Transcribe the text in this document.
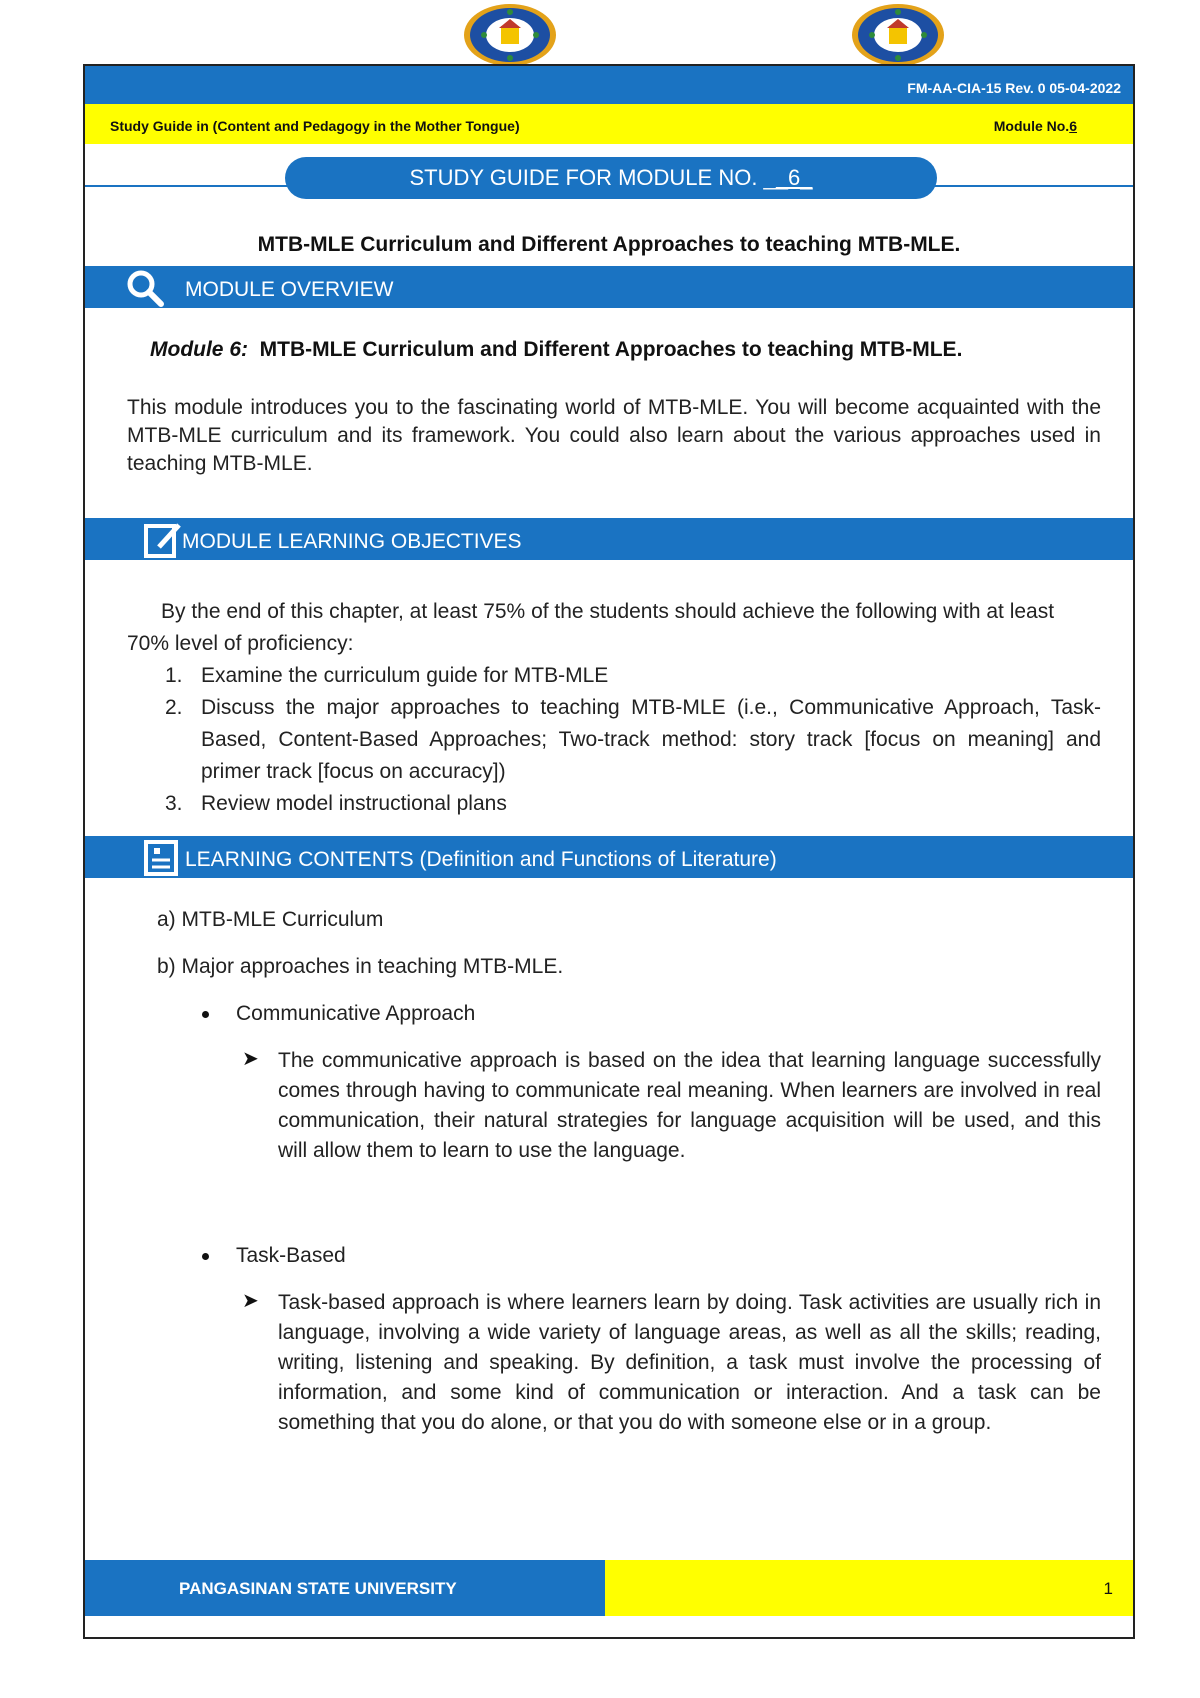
FM-AA-CIA-15 Rev. 0 05-04-2022
Study Guide in (Content and Pedagogy in the Mother Tongue)	Module No.6
STUDY GUIDE FOR MODULE NO. __6_
MTB-MLE Curriculum and Different Approaches to teaching MTB-MLE.
MODULE OVERVIEW
Module 6: MTB-MLE Curriculum and Different Approaches to teaching MTB-MLE.
This module introduces you to the fascinating world of MTB-MLE. You will become acquainted with the MTB-MLE curriculum and its framework. You could also learn about the various approaches used in teaching MTB-MLE.
MODULE LEARNING OBJECTIVES
By the end of this chapter, at least 75% of the students should achieve the following with at least 70% level of proficiency:
1. Examine the curriculum guide for MTB-MLE
2. Discuss the major approaches to teaching MTB-MLE (i.e., Communicative Approach, Task-Based, Content-Based Approaches; Two-track method: story track [focus on meaning] and primer track [focus on accuracy])
3. Review model instructional plans
LEARNING CONTENTS (Definition and Functions of Literature)
a) MTB-MLE Curriculum
b) Major approaches in teaching MTB-MLE.
Communicative Approach
➤ The communicative approach is based on the idea that learning language successfully comes through having to communicate real meaning. When learners are involved in real communication, their natural strategies for language acquisition will be used, and this will allow them to learn to use the language.
Task-Based
➤ Task-based approach is where learners learn by doing. Task activities are usually rich in language, involving a wide variety of language areas, as well as all the skills; reading, writing, listening and speaking. By definition, a task must involve the processing of information, and some kind of communication or interaction. And a task can be something that you do alone, or that you do with someone else or in a group.
PANGASINAN STATE UNIVERSITY	1
